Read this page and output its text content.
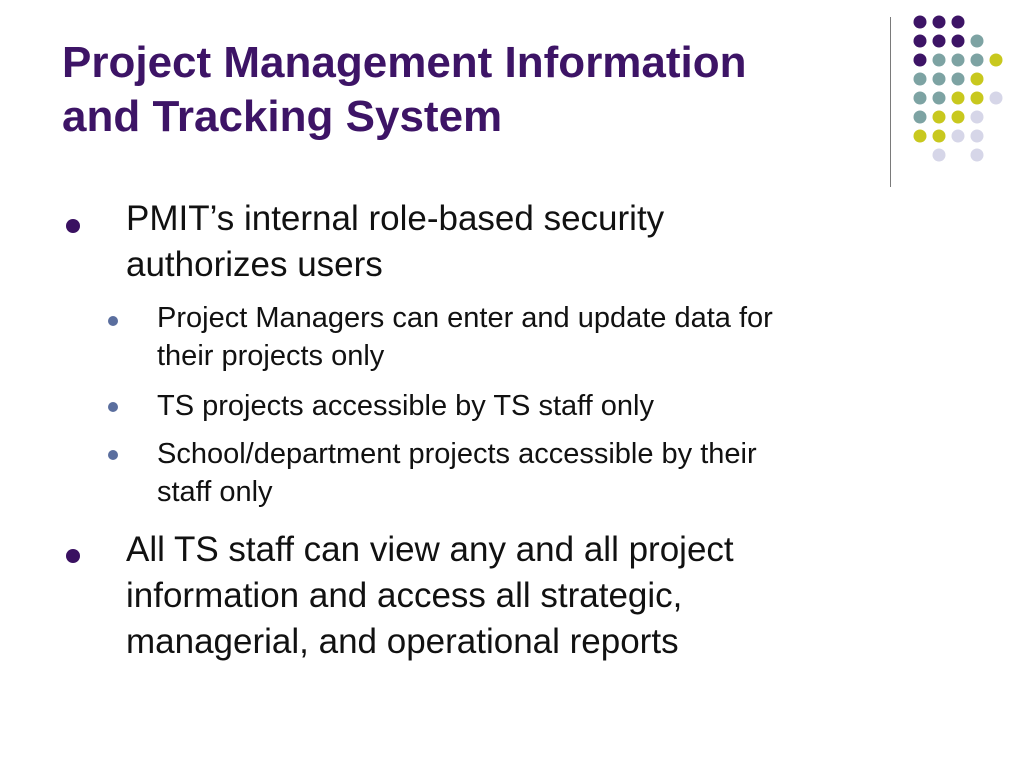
Project Management Information
and Tracking System
PMIT’s internal role-based security
authorizes users
Project Managers can enter and update data for
their projects only
TS projects accessible by TS staff only
School/department projects accessible by their
staff only
All TS staff can view any and all project
information and access all strategic,
managerial, and operational reports
